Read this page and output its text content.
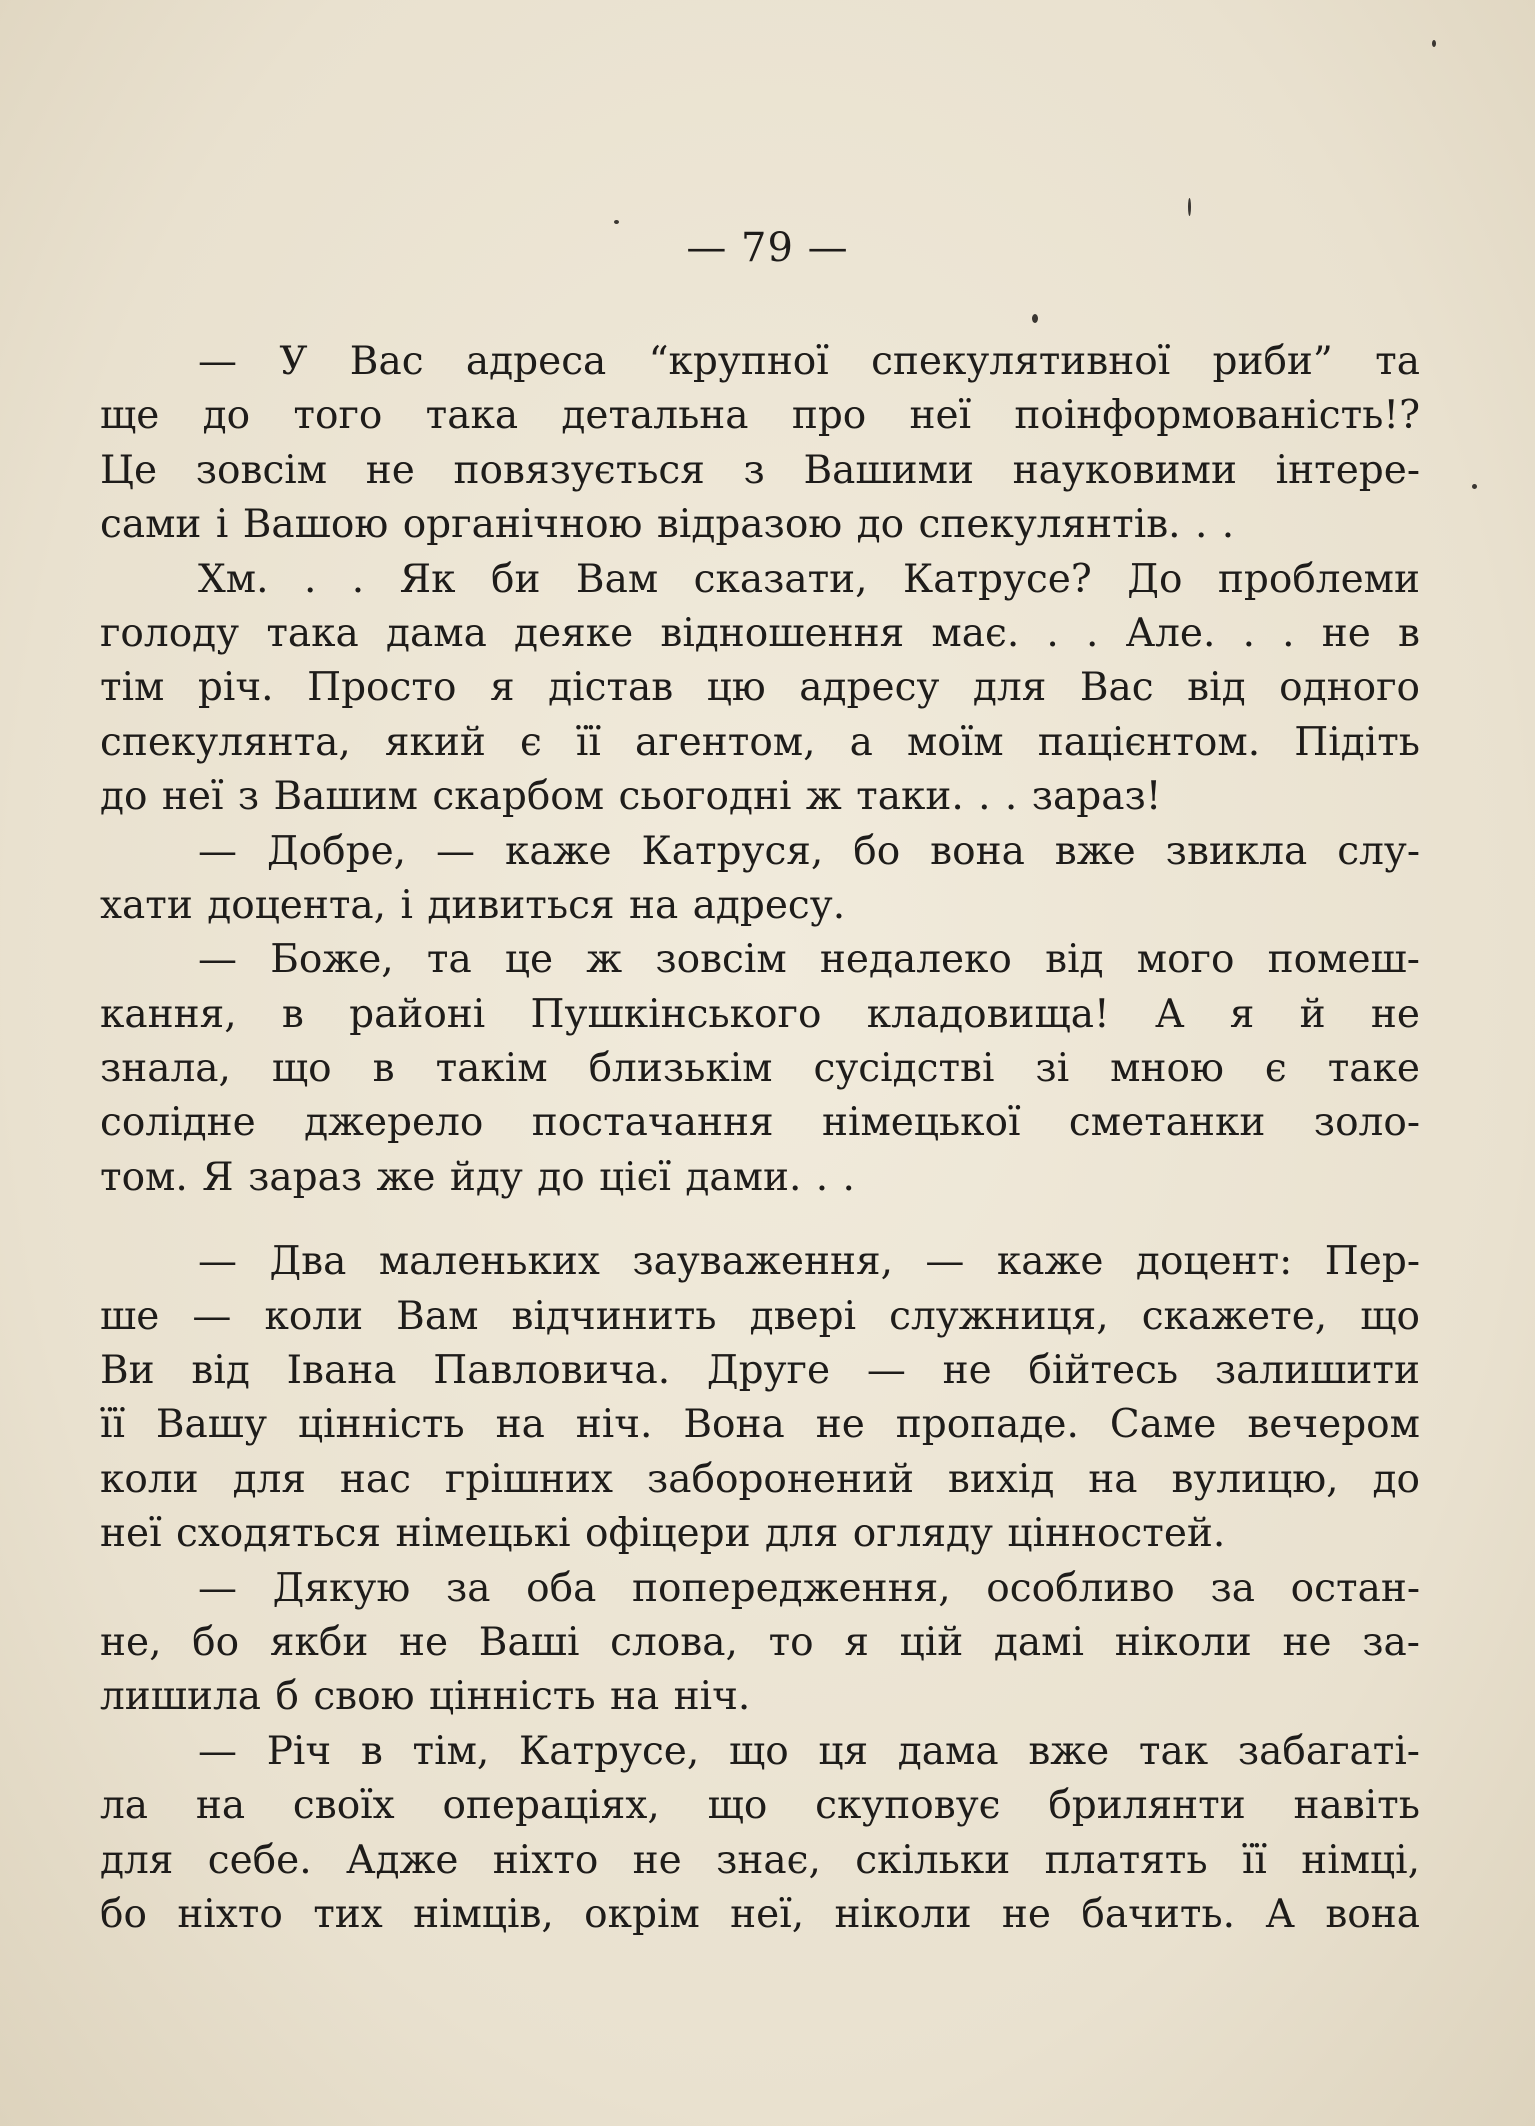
— 79 —
— У Вас адреса “крупної спекулятивної риби” та
ще до того така детальна про неї поінформованість!?
Це зовсім не повязується з Вашими науковими інтере-
сами і Вашою органічною відразою до спекулянтів. . .
Хм. . . Як би Вам сказати, Катрусе? До проблеми
голоду така дама деяке відношення має. . . Але. . . не в
тім річ. Просто я дістав цю адресу для Вас від одного
спекулянта, який є її агентом, а моїм пацієнтом. Підіть
до неї з Вашим скарбом сьогодні ж таки. . . зараз!
— Добре, — каже Катруся, бо вона вже звикла слу-
хати доцента, і дивиться на адресу.
— Боже, та це ж зовсім недалеко від мого помеш-
кання, в районі Пушкінського кладовища! А я й не
знала, що в такім близькім сусідстві зі мною є таке
солідне джерело постачання німецької сметанки золо-
том. Я зараз же йду до цієї дами. . .
— Два маленьких зауваження, — каже доцент: Пер-
ше — коли Вам відчинить двері служниця, скажете, що
Ви від Івана Павловича. Друге — не бійтесь залишити
її Вашу цінність на ніч. Вона не пропаде. Саме вечером
коли для нас грішних заборонений вихід на вулицю, до
неї сходяться німецькі офіцери для огляду цінностей.
— Дякую за оба попередження, особливо за остан-
не, бо якби не Ваші слова, то я цій дамі ніколи не за-
лишила б свою цінність на ніч.
— Річ в тім, Катрусе, що ця дама вже так забагаті-
ла на своїх операціях, що скуповує брилянти навіть
для себе. Адже ніхто не знає, скільки платять її німці,
бо ніхто тих німців, окрім неї, ніколи не бачить. А вона
